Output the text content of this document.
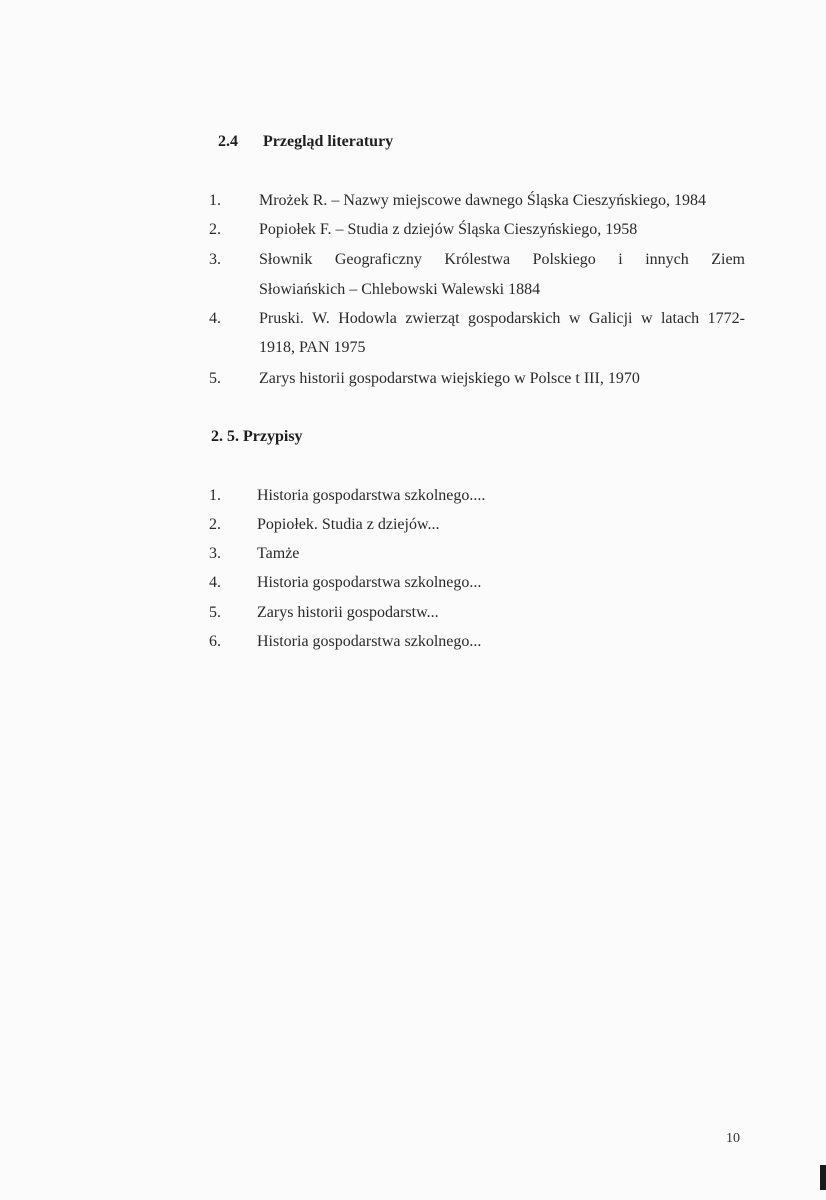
2.4 Przegląd literatury
1.	Mrożek R. – Nazwy miejscowe dawnego Śląska Cieszyńskiego, 1984
2.	Popiołek F. – Studia z dziejów Śląska Cieszyńskiego, 1958
3.	Słownik Geograficzny Królestwa Polskiego i innych Ziem
Słowiańskich – Chlebowski Walewski 1884
4.	Pruski. W. Hodowla zwierząt gospodarskich w Galicji w latach 1772-
1918, PAN 1975
5.	Zarys historii gospodarstwa wiejskiego w Polsce t III, 1970
2. 5. Przypisy
1.	Historia gospodarstwa szkolnego....
2.	Popiołek. Studia z dziejów...
3.	Tamże
4.	Historia gospodarstwa szkolnego...
5.	Zarys historii gospodarstw...
6.	Historia gospodarstwa szkolnego...
10
